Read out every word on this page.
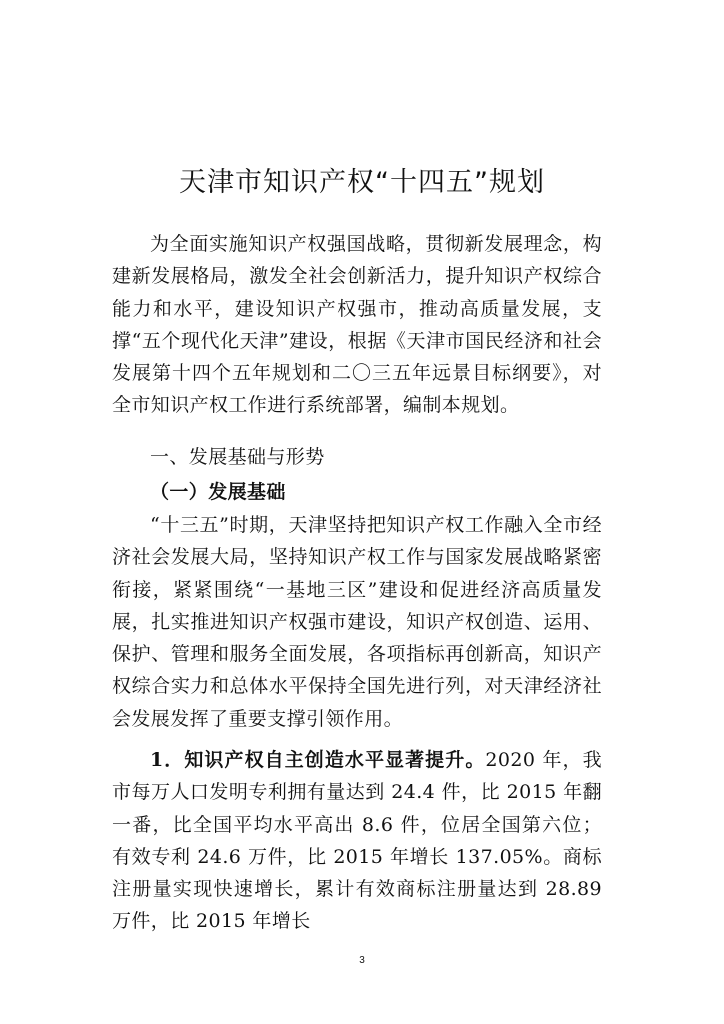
天津市知识产权“十四五”规划

为全面实施知识产权强国战略，贯彻新发展理念，构建新发展格局，激发全社会创新活力，提升知识产权综合能力和水平，建设知识产权强市，推动高质量发展，支撑“五个现代化天津”建设，根据《天津市国民经济和社会发展第十四个五年规划和二〇三五年远景目标纲要》，对全市知识产权工作进行系统部署，编制本规划。

一、发展基础与形势
（一）发展基础

“十三五”时期，天津坚持把知识产权工作融入全市经济社会发展大局，坚持知识产权工作与国家发展战略紧密衔接，紧紧围绕“一基地三区”建设和促进经济高质量发展，扎实推进知识产权强市建设，知识产权创造、运用、保护、管理和服务全面发展，各项指标再创新高，知识产权综合实力和总体水平保持全国先进行列，对天津经济社会发展发挥了重要支撑引领作用。

1．知识产权自主创造水平显著提升。2020 年，我市每万人口发明专利拥有量达到 24.4 件，比 2015 年翻一番，比全国平均水平高出 8.6 件，位居全国第六位；有效专利 24.6 万件，比 2015 年增长 137.05%。商标注册量实现快速增长，累计有效商标注册量达到 28.89 万件，比 2015 年增长

3
